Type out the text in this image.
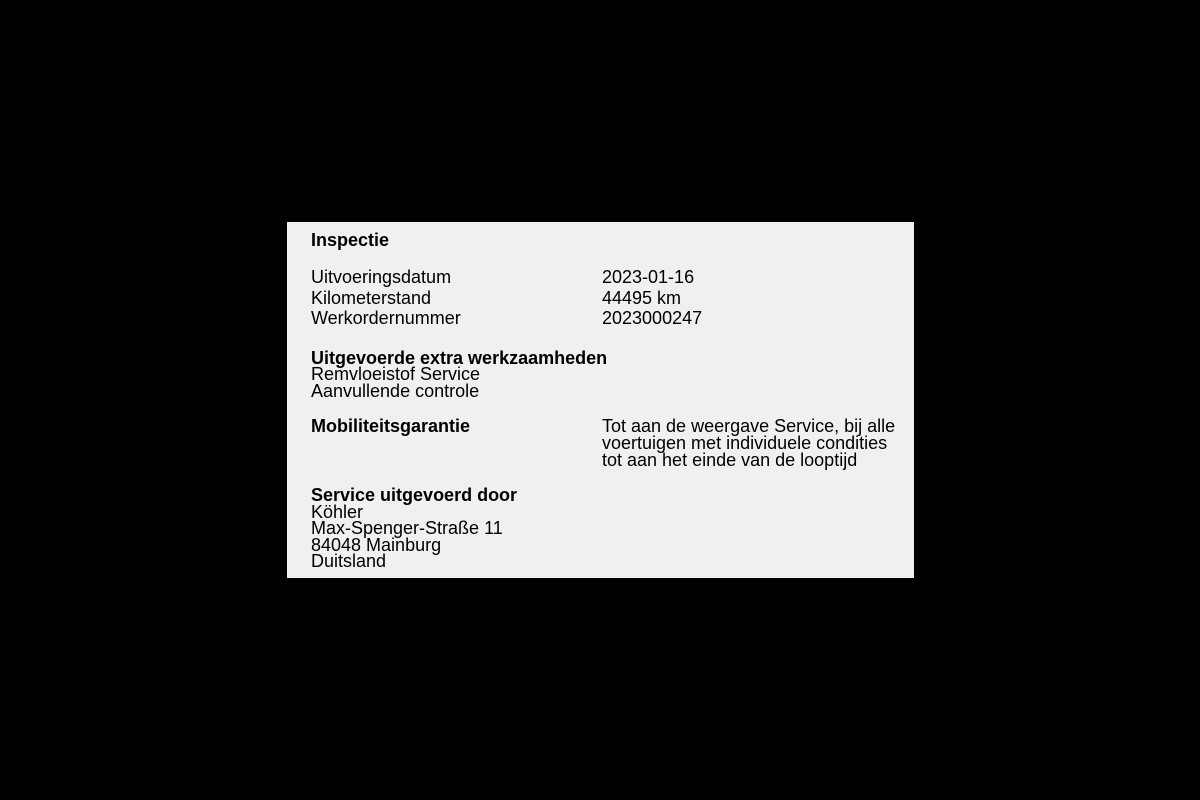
Inspectie
Uitvoeringsdatum	2023-01-16
Kilometerstand	44495 km
Werkordernummer	2023000247
Uitgevoerde extra werkzaamheden
Remvloeistof Service
Aanvullende controle
Mobiliteitsgarantie	Tot aan de weergave Service, bij alle voertuigen met individuele condities tot aan het einde van de looptijd
Service uitgevoerd door
Köhler
Max-Spenger-Straße 11
84048 Mainburg
Duitsland
